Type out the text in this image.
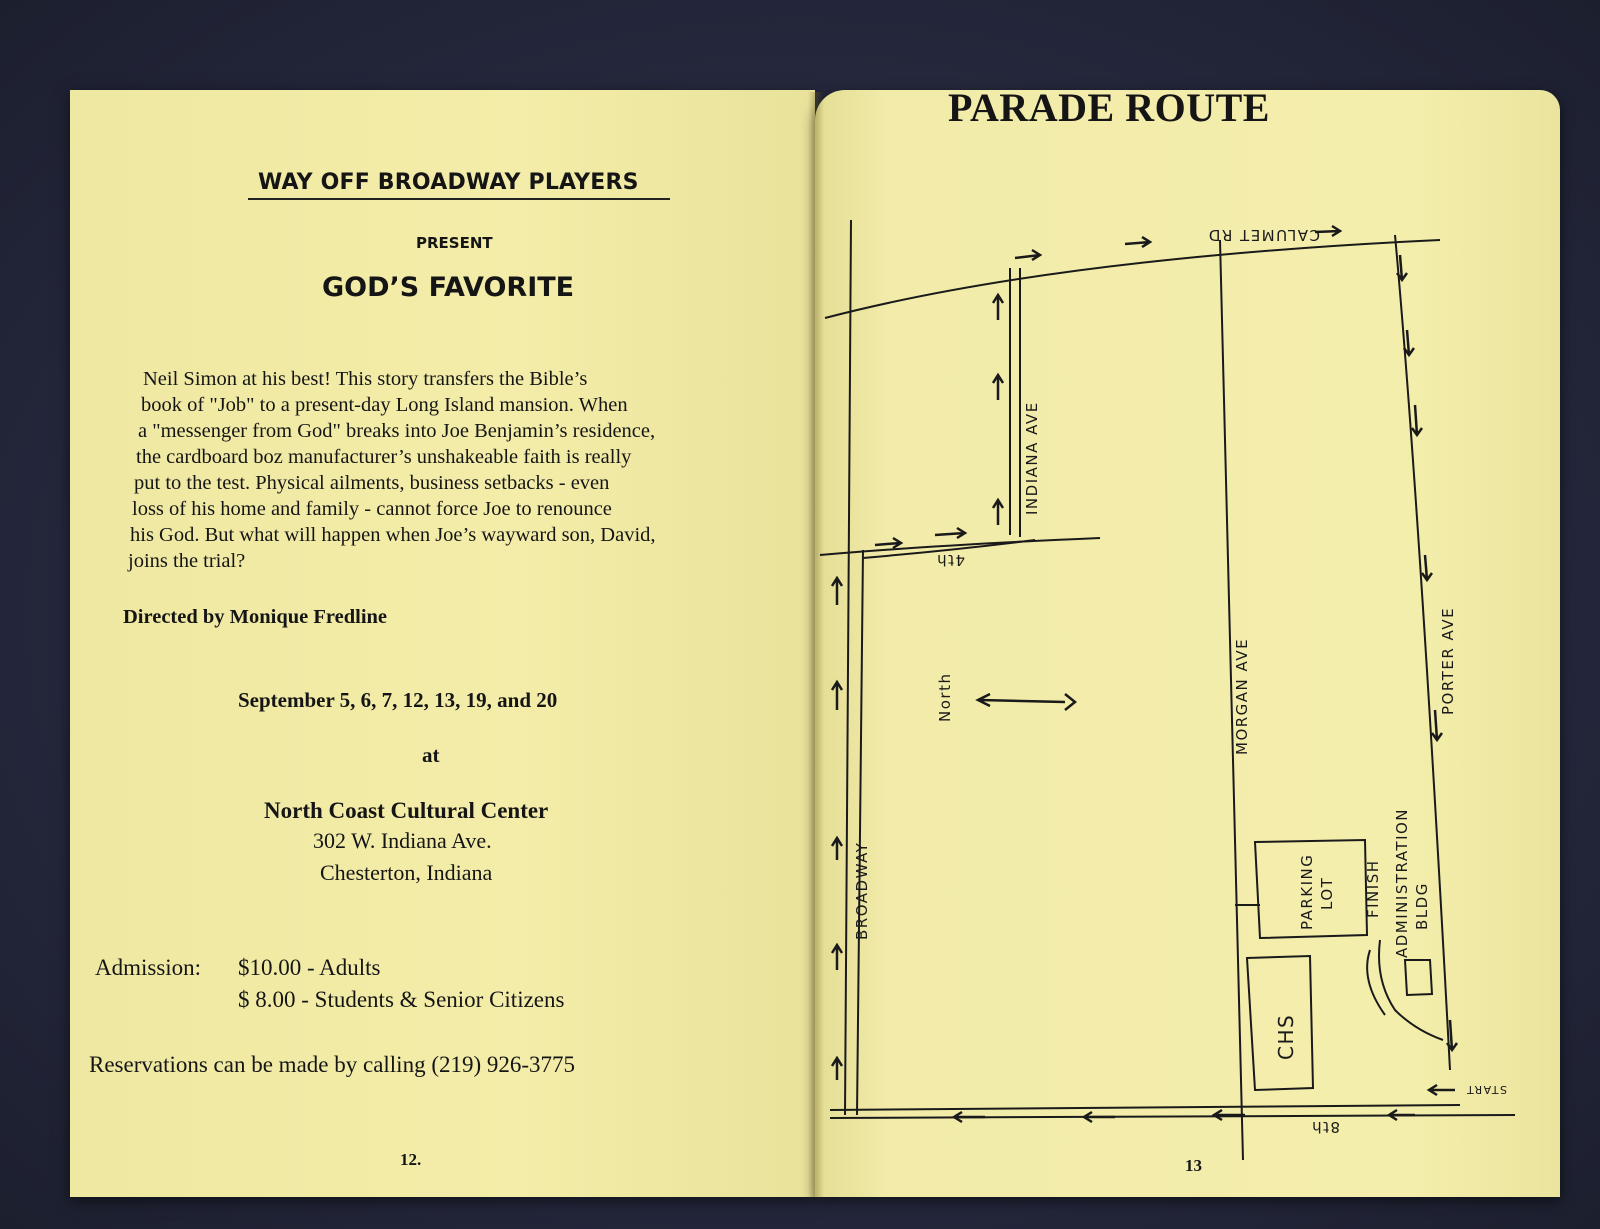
WAY OFF BROADWAY PLAYERS
PRESENT
GOD’S FAVORITE
Neil Simon at his best! This story transfers the Bible’s
book of "Job" to a present-day Long Island mansion. When
a "messenger from God" breaks into Joe Benjamin’s residence,
the cardboard boz manufacturer’s unshakeable faith is really
put to the test. Physical ailments, business setbacks - even
loss of his home and family - cannot force Joe to renounce
his God. But what will happen when Joe’s wayward son, David,
joins the trial?
Directed by Monique Fredline
September 5, 6, 7, 12, 13, 19, and 20
at
North Coast Cultural Center
302 W. Indiana Ave.
Chesterton, Indiana
Admission: $10.00 - Adults
$ 8.00 - Students & Senior Citizens
Reservations can be made by calling (219) 926-3775
12.
PARADE ROUTE
CALUMET RD
INDIANA AVE
4th
MORGAN AVE	PORTER AVE
BROADWAY
North
PARKING LOT FINISH ADMINISTRATION BLDG
CHS
8th
START
13
